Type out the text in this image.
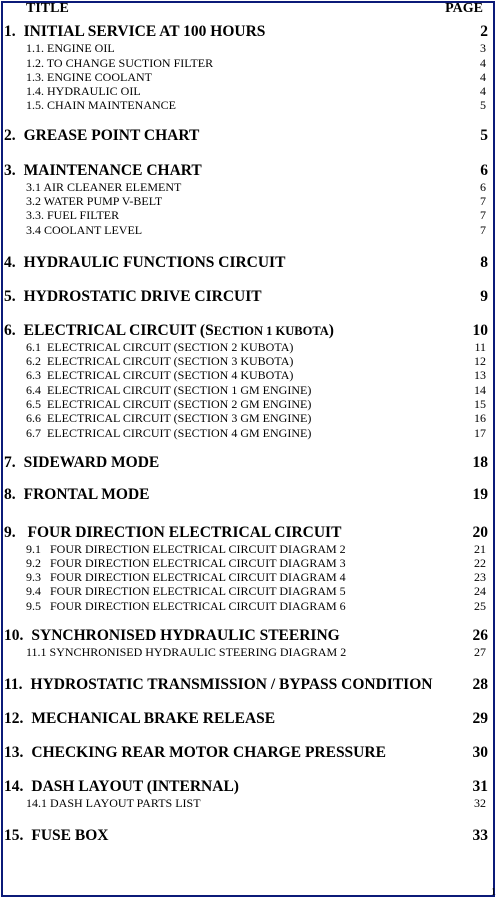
TITLE	PAGE
1. INITIAL SERVICE AT 100 HOURS	2
1.1. ENGINE OIL	3
1.2. TO CHANGE SUCTION FILTER	4
1.3. ENGINE COOLANT	4
1.4. HYDRAULIC OIL	4
1.5. CHAIN MAINTENANCE	5
2. GREASE POINT CHART	5
3. MAINTENANCE CHART	6
3.1 AIR CLEANER ELEMENT	6
3.2 WATER PUMP V-BELT	7
3.3. FUEL FILTER	7
3.4 COOLANT LEVEL	7
4. HYDRAULIC FUNCTIONS CIRCUIT	8
5. HYDROSTATIC DRIVE CIRCUIT	9
6. ELECTRICAL CIRCUIT (SECTION 1 KUBOTA)	10
6.1  ELECTRICAL CIRCUIT (SECTION 2 KUBOTA)	11
6.2  ELECTRICAL CIRCUIT (SECTION 3 KUBOTA)	12
6.3  ELECTRICAL CIRCUIT (SECTION 4 KUBOTA)	13
6.4  ELECTRICAL CIRCUIT (SECTION 1 GM ENGINE)	14
6.5  ELECTRICAL CIRCUIT (SECTION 2 GM ENGINE)	15
6.6  ELECTRICAL CIRCUIT (SECTION 3 GM ENGINE)	16
6.7  ELECTRICAL CIRCUIT (SECTION 4 GM ENGINE)	17
7. SIDEWARD MODE	18
8. FRONTAL MODE	19
9. FOUR DIRECTION ELECTRICAL CIRCUIT	20
9.1   FOUR DIRECTION ELECTRICAL CIRCUIT DIAGRAM 2	21
9.2   FOUR DIRECTION ELECTRICAL CIRCUIT DIAGRAM 3	22
9.3   FOUR DIRECTION ELECTRICAL CIRCUIT DIAGRAM 4	23
9.4   FOUR DIRECTION ELECTRICAL CIRCUIT DIAGRAM 5	24
9.5   FOUR DIRECTION ELECTRICAL CIRCUIT DIAGRAM 6	25
10. SYNCHRONISED HYDRAULIC STEERING	26
11.1 SYNCHRONISED HYDRAULIC STEERING DIAGRAM 2	27
11. HYDROSTATIC TRANSMISSION / BYPASS CONDITION	28
12. MECHANICAL BRAKE RELEASE	29
13. CHECKING REAR MOTOR CHARGE PRESSURE	30
14. DASH LAYOUT (INTERNAL)	31
14.1 DASH LAYOUT PARTS LIST	32
15. FUSE BOX	33
1
